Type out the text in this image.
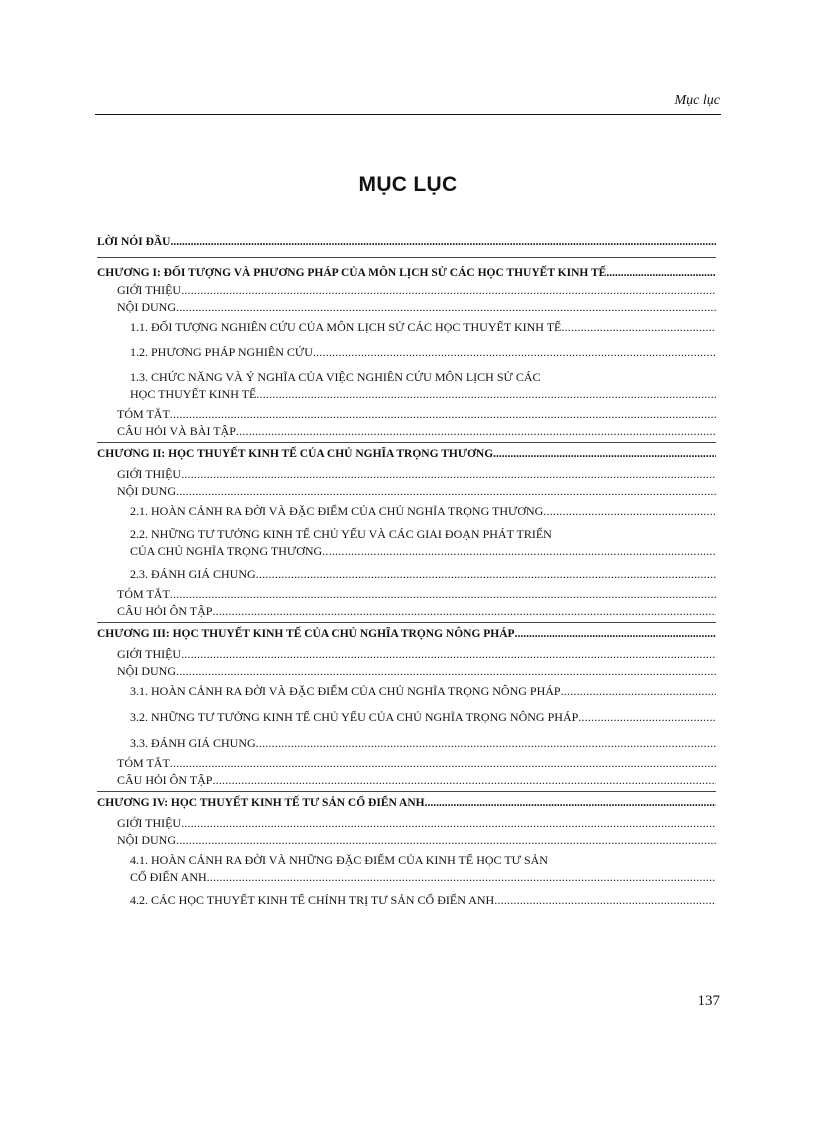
Mục lục
MỤC LỤC
LỜI NÓI ĐẦU
.....
CHƯƠNG I: ĐỐI TƯỢNG VÀ PHƯƠNG PHÁP CỦA MÔN LỊCH SỬ CÁC HỌC THUYẾT KINH TẾ
.....
GIỚI THIỆU
.....
NỘI DUNG
.....
1.1. ĐỐI TƯỢNG NGHIÊN CỨU CỦA MÔN LỊCH SỬ CÁC HỌC THUYẾT KINH TẾ
.....
1.2. PHƯƠNG PHÁP NGHIÊN CỨU
.....
1.3. CHỨC NĂNG VÀ Ý NGHĨA CỦA VIỆC NGHIÊN CỨU MÔN LỊCH SỬ CÁC
HỌC THUYẾT KINH TẾ
.....
TÓM TẮT
.....
CÂU HỎI VÀ BÀI TẬP
.....
CHƯƠNG II: HỌC THUYẾT KINH TẾ CỦA CHỦ NGHĨA TRỌNG THƯƠNG
.....
GIỚI THIỆU
.....
NỘI DUNG
.....
2.1. HOÀN CẢNH RA ĐỜI VÀ ĐẶC ĐIỂM CỦA CHỦ NGHĨA TRỌNG THƯƠNG
.....
2.2. NHỮNG TƯ TƯỞNG KINH TẾ CHỦ YẾU VÀ CÁC GIAI ĐOẠN PHÁT TRIỂN
CỦA CHỦ NGHĨA TRỌNG THƯƠNG
.....
2.3. ĐÁNH GIÁ CHUNG
.....
TÓM TẮT
.....
CÂU HỎI ÔN TẬP
.....
CHƯƠNG III: HỌC THUYẾT KINH TẾ CỦA CHỦ NGHĨA TRỌNG NÔNG PHÁP
.....
GIỚI THIỆU
.....
NỘI DUNG
.....
3.1. HOÀN CẢNH RA ĐỜI VÀ ĐẶC ĐIỂM CỦA CHỦ NGHĨA TRỌNG NÔNG PHÁP
.....
3.2. NHỮNG TƯ TƯỞNG KINH TẾ CHỦ YẾU CỦA CHỦ NGHĨA TRỌNG NÔNG PHÁP
.....
3.3. ĐÁNH GIÁ CHUNG
.....
TÓM TẮT
.....
CÂU HỎI ÔN TẬP
.....
CHƯƠNG IV: HỌC THUYẾT KINH TẾ TƯ SẢN CỔ ĐIỂN ANH
.....
GIỚI THIỆU
.....
NỘI DUNG
.....
4.1. HOÀN CẢNH RA ĐỜI VÀ NHỮNG ĐẶC ĐIỂM CỦA KINH TẾ HỌC TƯ SẢN
CỔ ĐIỂN ANH
.....
4.2. CÁC HỌC THUYẾT KINH TẾ CHÍNH TRỊ TƯ SẢN CỔ ĐIỂN ANH
.....
137
